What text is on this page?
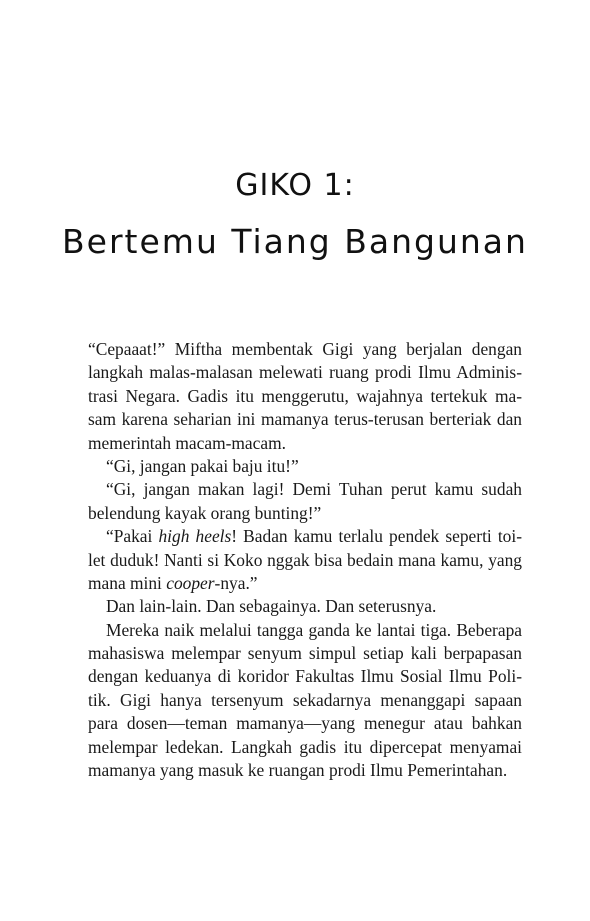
GIKO 1:
Bertemu Tiang Bangunan
“Cepaaat!” Miftha membentak Gigi yang berjalan dengan
langkah malas-malasan melewati ruang prodi Ilmu Adminis-
trasi Negara. Gadis itu menggerutu, wajahnya tertekuk ma-
sam karena seharian ini mamanya terus-terusan berteriak dan
memerintah macam-macam.
“Gi, jangan pakai baju itu!”
“Gi, jangan makan lagi! Demi Tuhan perut kamu sudah
belendung kayak orang bunting!”
“Pakai high heels! Badan kamu terlalu pendek seperti toi-
let duduk! Nanti si Koko nggak bisa bedain mana kamu, yang
mana mini cooper-nya.”
Dan lain-lain. Dan sebagainya. Dan seterusnya.
Mereka naik melalui tangga ganda ke lantai tiga. Beberapa
mahasiswa melempar senyum simpul setiap kali berpapasan
dengan keduanya di koridor Fakultas Ilmu Sosial Ilmu Poli-
tik. Gigi hanya tersenyum sekadarnya menanggapi sapaan
para dosen—teman mamanya—yang menegur atau bahkan
melempar ledekan. Langkah gadis itu dipercepat menyamai
mamanya yang masuk ke ruangan prodi Ilmu Pemerintahan.
